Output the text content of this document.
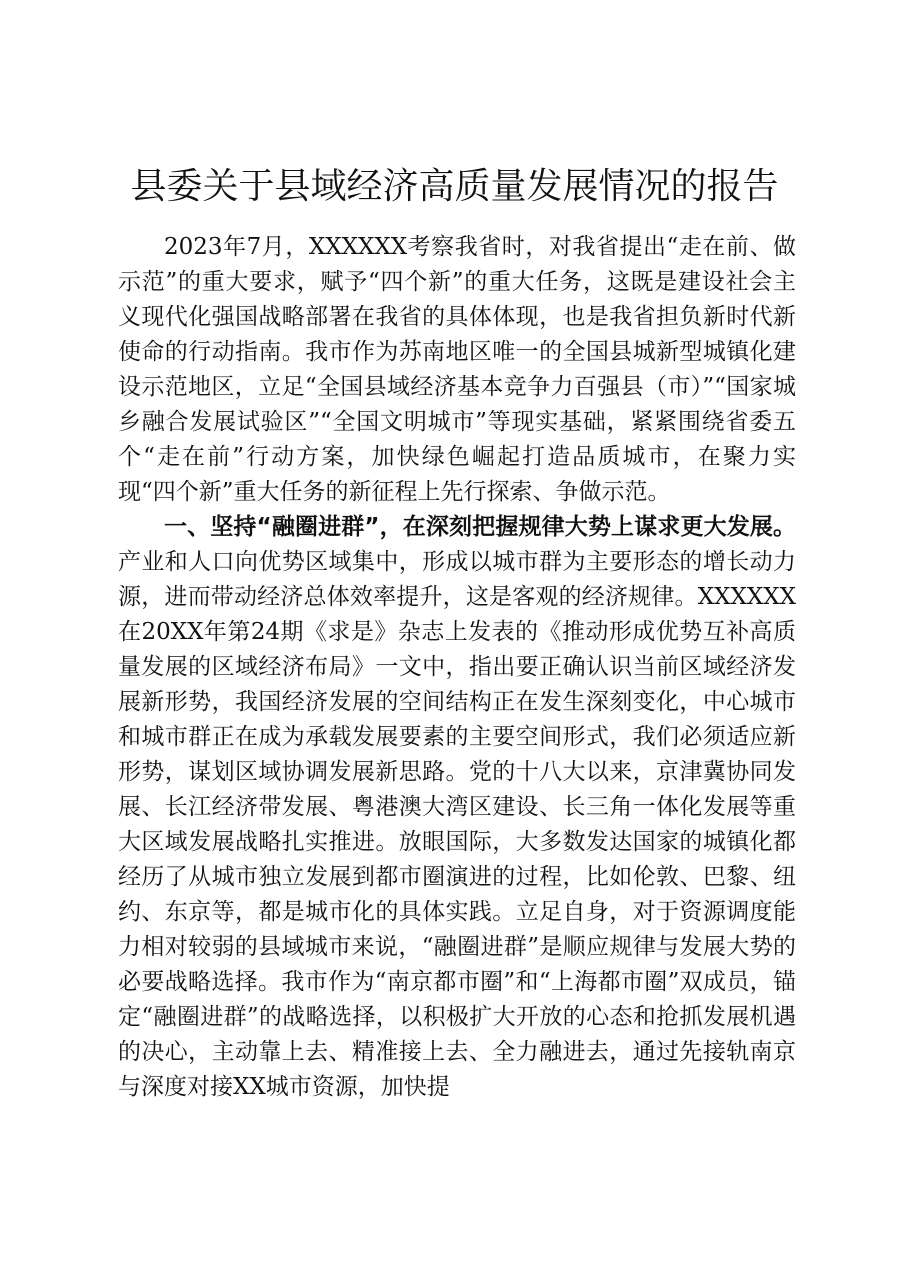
县委关于县域经济高质量发展情况的报告

2023年7月，XXXXXX考察我省时，对我省提出“走在前、做示范”的重大要求，赋予“四个新”的重大任务，这既是建设社会主义现代化强国战略部署在我省的具体体现，也是我省担负新时代新使命的行动指南。我市作为苏南地区唯一的全国县城新型城镇化建设示范地区，立足“全国县域经济基本竞争力百强县（市）”“国家城乡融合发展试验区”“全国文明城市”等现实基础，紧紧围绕省委五个“走在前”行动方案，加快绿色崛起打造品质城市，在聚力实现“四个新”重大任务的新征程上先行探索、争做示范。

一、坚持“融圈进群”，在深刻把握规律大势上谋求更大发展。产业和人口向优势区域集中，形成以城市群为主要形态的增长动力源，进而带动经济总体效率提升，这是客观的经济规律。XXXXXX在20XX年第24期《求是》杂志上发表的《推动形成优势互补高质量发展的区域经济布局》一文中，指出要正确认识当前区域经济发展新形势，我国经济发展的空间结构正在发生深刻变化，中心城市和城市群正在成为承载发展要素的主要空间形式，我们必须适应新形势，谋划区域协调发展新思路。党的十八大以来，京津冀协同发展、长江经济带发展、粤港澳大湾区建设、长三角一体化发展等重大区域发展战略扎实推进。放眼国际，大多数发达国家的城镇化都经历了从城市独立发展到都市圈演进的过程，比如伦敦、巴黎、纽约、东京等，都是城市化的具体实践。立足自身，对于资源调度能力相对较弱的县域城市来说，“融圈进群”是顺应规律与发展大势的必要战略选择。我市作为“南京都市圈”和“上海都市圈”双成员，锚定“融圈进群”的战略选择，以积极扩大开放的心态和抢抓发展机遇的决心，主动靠上去、精准接上去、全力融进去，通过先接轨南京与深度对接XX城市资源，加快提
